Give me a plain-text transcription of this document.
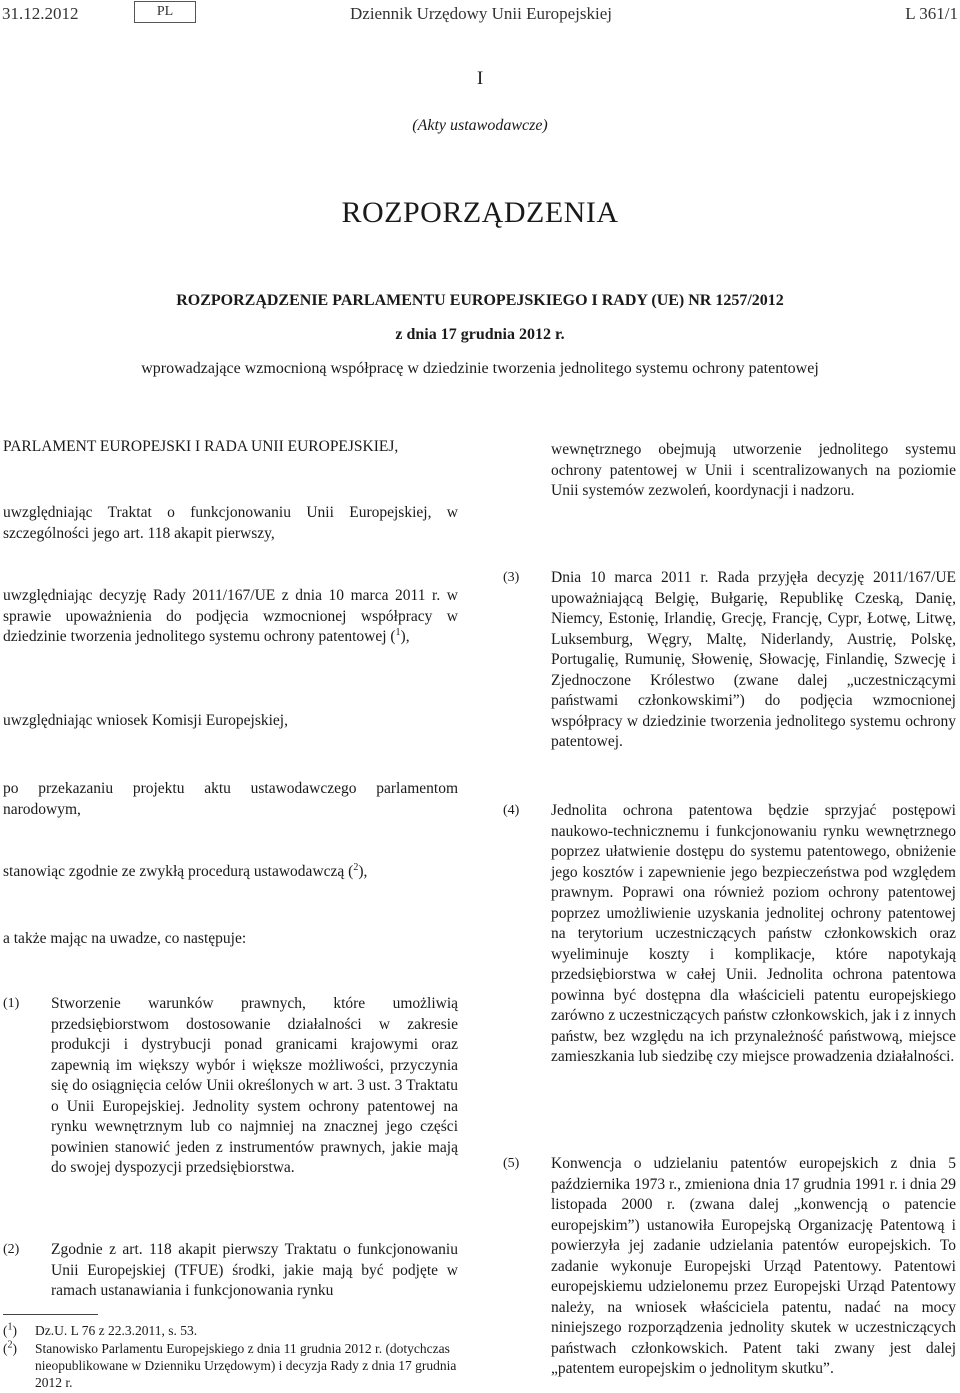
31.12.2012	PL	Dziennik Urzędowy Unii Europejskiej	L 361/1
I
(Akty ustawodawcze)
ROZPORZĄDZENIA
ROZPORZĄDZENIE PARLAMENTU EUROPEJSKIEGO I RADY (UE) NR 1257/2012
z dnia 17 grudnia 2012 r.
wprowadzające wzmocnioną współpracę w dziedzinie tworzenia jednolitego systemu ochrony patentowej
PARLAMENT EUROPEJSKI I RADA UNII EUROPEJSKIEJ,
uwzględniając Traktat o funkcjonowaniu Unii Europejskiej, w szczególności jego art. 118 akapit pierwszy,
uwzględniając decyzję Rady 2011/167/UE z dnia 10 marca 2011 r. w sprawie upoważnienia do podjęcia wzmocnionej współpracy w dziedzinie tworzenia jednolitego systemu ochrony patentowej ($^1$),
uwzględniając wniosek Komisji Europejskiej,
po przekazaniu projektu aktu ustawodawczego parlamentom narodowym,
stanowiąc zgodnie ze zwykłą procedurą ustawodawczą ($^2$),
a także mając na uwadze, co następuje:
(1) Stworzenie warunków prawnych, które umożliwią przedsiębiorstwom dostosowanie działalności w zakresie produkcji i dystrybucji ponad granicami krajowymi oraz zapewnią im większy wybór i większe możliwości, przyczynia się do osiągnięcia celów Unii określonych w art. 3 ust. 3 Traktatu o Unii Europejskiej. Jednolity system ochrony patentowej na rynku wewnętrznym lub co najmniej na znacznej jego części powinien stanowić jeden z instrumentów prawnych, jakie mają do swojej dyspozycji przedsiębiorstwa.
(2) Zgodnie z art. 118 akapit pierwszy Traktatu o funkcjonowaniu Unii Europejskiej (TFUE) środki, jakie mają być podjęte w ramach ustanawiania i funkcjonowania rynku
($^1$) Dz.U. L 76 z 22.3.2011, s. 53.
($^2$) Stanowisko Parlamentu Europejskiego z dnia 11 grudnia 2012 r. (dotychczas nieopublikowane w Dzienniku Urzędowym) i decyzja Rady z dnia 17 grudnia 2012 r.
wewnętrznego obejmują utworzenie jednolitego systemu ochrony patentowej w Unii i scentralizowanych na poziomie Unii systemów zezwoleń, koordynacji i nadzoru.
(3) Dnia 10 marca 2011 r. Rada przyjęła decyzję 2011/167/UE upoważniającą Belgię, Bułgarię, Republikę Czeską, Danię, Niemcy, Estonię, Irlandię, Grecję, Francję, Cypr, Łotwę, Litwę, Luksemburg, Węgry, Maltę, Niderlandy, Austrię, Polskę, Portugalię, Rumunię, Słowenię, Słowację, Finlandię, Szwecję i Zjednoczone Królestwo (zwane dalej „uczestniczącymi państwami członkowskimi”) do podjęcia wzmocnionej współpracy w dziedzinie tworzenia jednolitego systemu ochrony patentowej.
(4) Jednolita ochrona patentowa będzie sprzyjać postępowi naukowo-technicznemu i funkcjonowaniu rynku wewnętrznego poprzez ułatwienie dostępu do systemu patentowego, obniżenie jego kosztów i zapewnienie jego bezpieczeństwa pod względem prawnym. Poprawi ona również poziom ochrony patentowej poprzez umożliwienie uzyskania jednolitej ochrony patentowej na terytorium uczestniczących państw członkowskich oraz wyeliminuje koszty i komplikacje, które napotykają przedsiębiorstwa w całej Unii. Jednolita ochrona patentowa powinna być dostępna dla właścicieli patentu europejskiego zarówno z uczestniczących państw członkowskich, jak i z innych państw, bez względu na ich przynależność państwową, miejsce zamieszkania lub siedzibę czy miejsce prowadzenia działalności.
(5) Konwencja o udzielaniu patentów europejskich z dnia 5 października 1973 r., zmieniona dnia 17 grudnia 1991 r. i dnia 29 listopada 2000 r. (zwana dalej „konwencją o patencie europejskim”) ustanowiła Europejską Organizację Patentową i powierzyła jej zadanie udzielania patentów europejskich. To zadanie wykonuje Europejski Urząd Patentowy. Patentowi europejskiemu udzielonemu przez Europejski Urząd Patentowy należy, na wniosek właściciela patentu, nadać na mocy niniejszego rozporządzenia jednolity skutek w uczestniczących państwach członkowskich. Patent taki zwany jest dalej „patentem europejskim o jednolitym skutku”.
